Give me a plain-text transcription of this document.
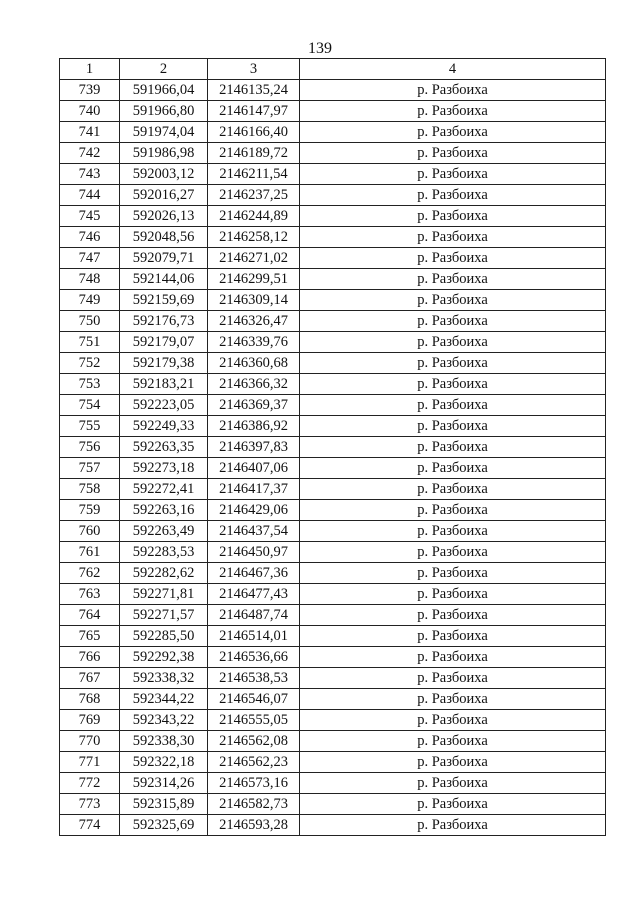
139
1	2	3	4
739	591966,04	2146135,24	р. Разбоиха
740	591966,80	2146147,97	р. Разбоиха
741	591974,04	2146166,40	р. Разбоиха
742	591986,98	2146189,72	р. Разбоиха
743	592003,12	2146211,54	р. Разбоиха
744	592016,27	2146237,25	р. Разбоиха
745	592026,13	2146244,89	р. Разбоиха
746	592048,56	2146258,12	р. Разбоиха
747	592079,71	2146271,02	р. Разбоиха
748	592144,06	2146299,51	р. Разбоиха
749	592159,69	2146309,14	р. Разбоиха
750	592176,73	2146326,47	р. Разбоиха
751	592179,07	2146339,76	р. Разбоиха
752	592179,38	2146360,68	р. Разбоиха
753	592183,21	2146366,32	р. Разбоиха
754	592223,05	2146369,37	р. Разбоиха
755	592249,33	2146386,92	р. Разбоиха
756	592263,35	2146397,83	р. Разбоиха
757	592273,18	2146407,06	р. Разбоиха
758	592272,41	2146417,37	р. Разбоиха
759	592263,16	2146429,06	р. Разбоиха
760	592263,49	2146437,54	р. Разбоиха
761	592283,53	2146450,97	р. Разбоиха
762	592282,62	2146467,36	р. Разбоиха
763	592271,81	2146477,43	р. Разбоиха
764	592271,57	2146487,74	р. Разбоиха
765	592285,50	2146514,01	р. Разбоиха
766	592292,38	2146536,66	р. Разбоиха
767	592338,32	2146538,53	р. Разбоиха
768	592344,22	2146546,07	р. Разбоиха
769	592343,22	2146555,05	р. Разбоиха
770	592338,30	2146562,08	р. Разбоиха
771	592322,18	2146562,23	р. Разбоиха
772	592314,26	2146573,16	р. Разбоиха
773	592315,89	2146582,73	р. Разбоиха
774	592325,69	2146593,28	р. Разбоиха
